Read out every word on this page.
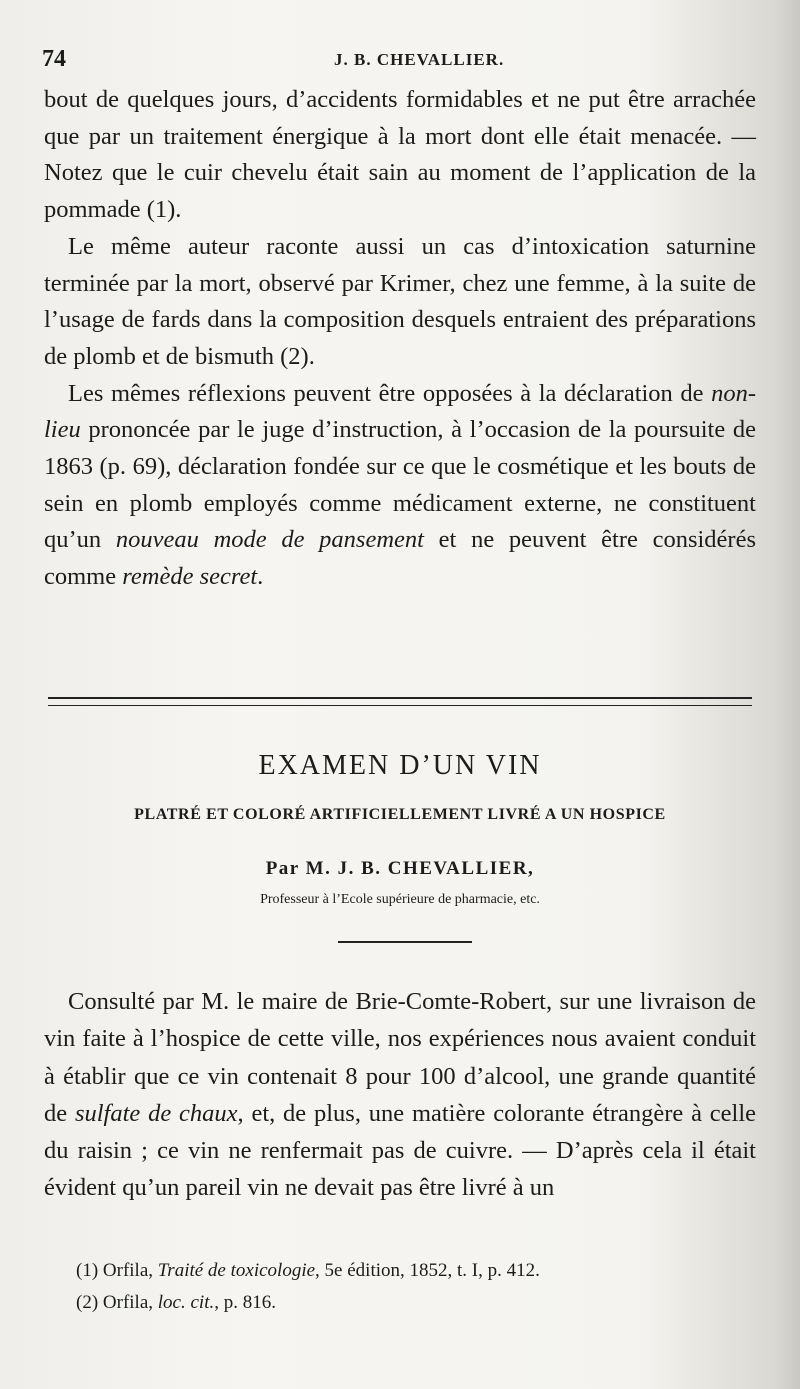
74	J. B. CHEVALLIER.

bout de quelques jours, d’accidents formidables et ne put être arrachée que par un traitement énergique à la mort dont elle était menacée. — Notez que le cuir chevelu était sain au moment de l’application de la pommade (1).

Le même auteur raconte aussi un cas d’intoxication saturnine terminée par la mort, observé par Krimer, chez une femme, à la suite de l’usage de fards dans la composition desquels entraient des préparations de plomb et de bismuth (2).

Les mêmes réflexions peuvent être opposées à la déclaration de non-lieu prononcée par le juge d’instruction, à l’occasion de la poursuite de 1863 (p. 69), déclaration fondée sur ce que le cosmétique et les bouts de sein en plomb employés comme médicament externe, ne constituent qu’un nouveau mode de pansement et ne peuvent être considérés comme remède secret.

EXAMEN D’UN VIN
PLATRÉ ET COLORÉ ARTIFICIELLEMENT LIVRÉ A UN HOSPICE
Par M. J. B. CHEVALLIER,
Professeur à l’Ecole supérieure de pharmacie, etc.

Consulté par M. le maire de Brie-Comte-Robert, sur une livraison de vin faite à l’hospice de cette ville, nos expériences nous avaient conduit à établir que ce vin contenait 8 pour 100 d’alcool, une grande quantité de sulfate de chaux, et, de plus, une matière colorante étrangère à celle du raisin ; ce vin ne renfermait pas de cuivre. — D’après cela il était évident qu’un pareil vin ne devait pas être livré à un

(1) Orfila, Traité de toxicologie, 5e édition, 1852, t. I, p. 412.
(2) Orfila, loc. cit., p. 816.
